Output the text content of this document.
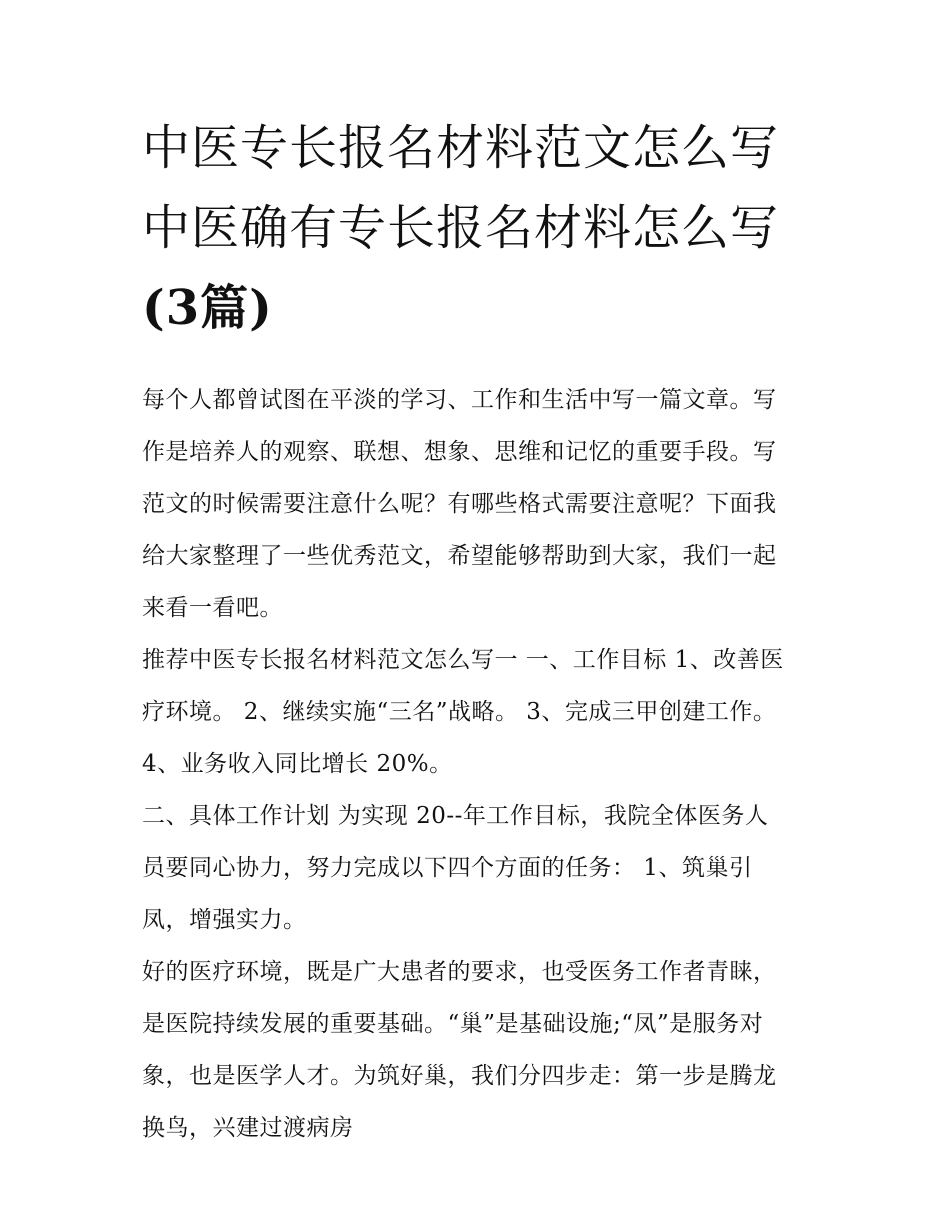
中医专长报名材料范文怎么写
中医确有专长报名材料怎么写
(3篇)
每个人都曾试图在平淡的学习、工作和生活中写一篇文章。写
作是培养人的观察、联想、想象、思维和记忆的重要手段。写
范文的时候需要注意什么呢？有哪些格式需要注意呢？下面我
给大家整理了一些优秀范文，希望能够帮助到大家，我们一起
来看一看吧。
推荐中医专长报名材料范文怎么写一 一、工作目标 1、改善医
疗环境。 2、继续实施“三名”战略。 3、完成三甲创建工作。
4、业务收入同比增长 20%。
二、具体工作计划 为实现 20--年工作目标，我院全体医务人
员要同心协力，努力完成以下四个方面的任务： 1、筑巢引
凤，增强实力。
好的医疗环境，既是广大患者的要求，也受医务工作者青睐，
是医院持续发展的重要基础。“巢”是基础设施;“凤”是服务对
象，也是医学人才。为筑好巢，我们分四步走：第一步是腾龙
换鸟，兴建过渡病房
